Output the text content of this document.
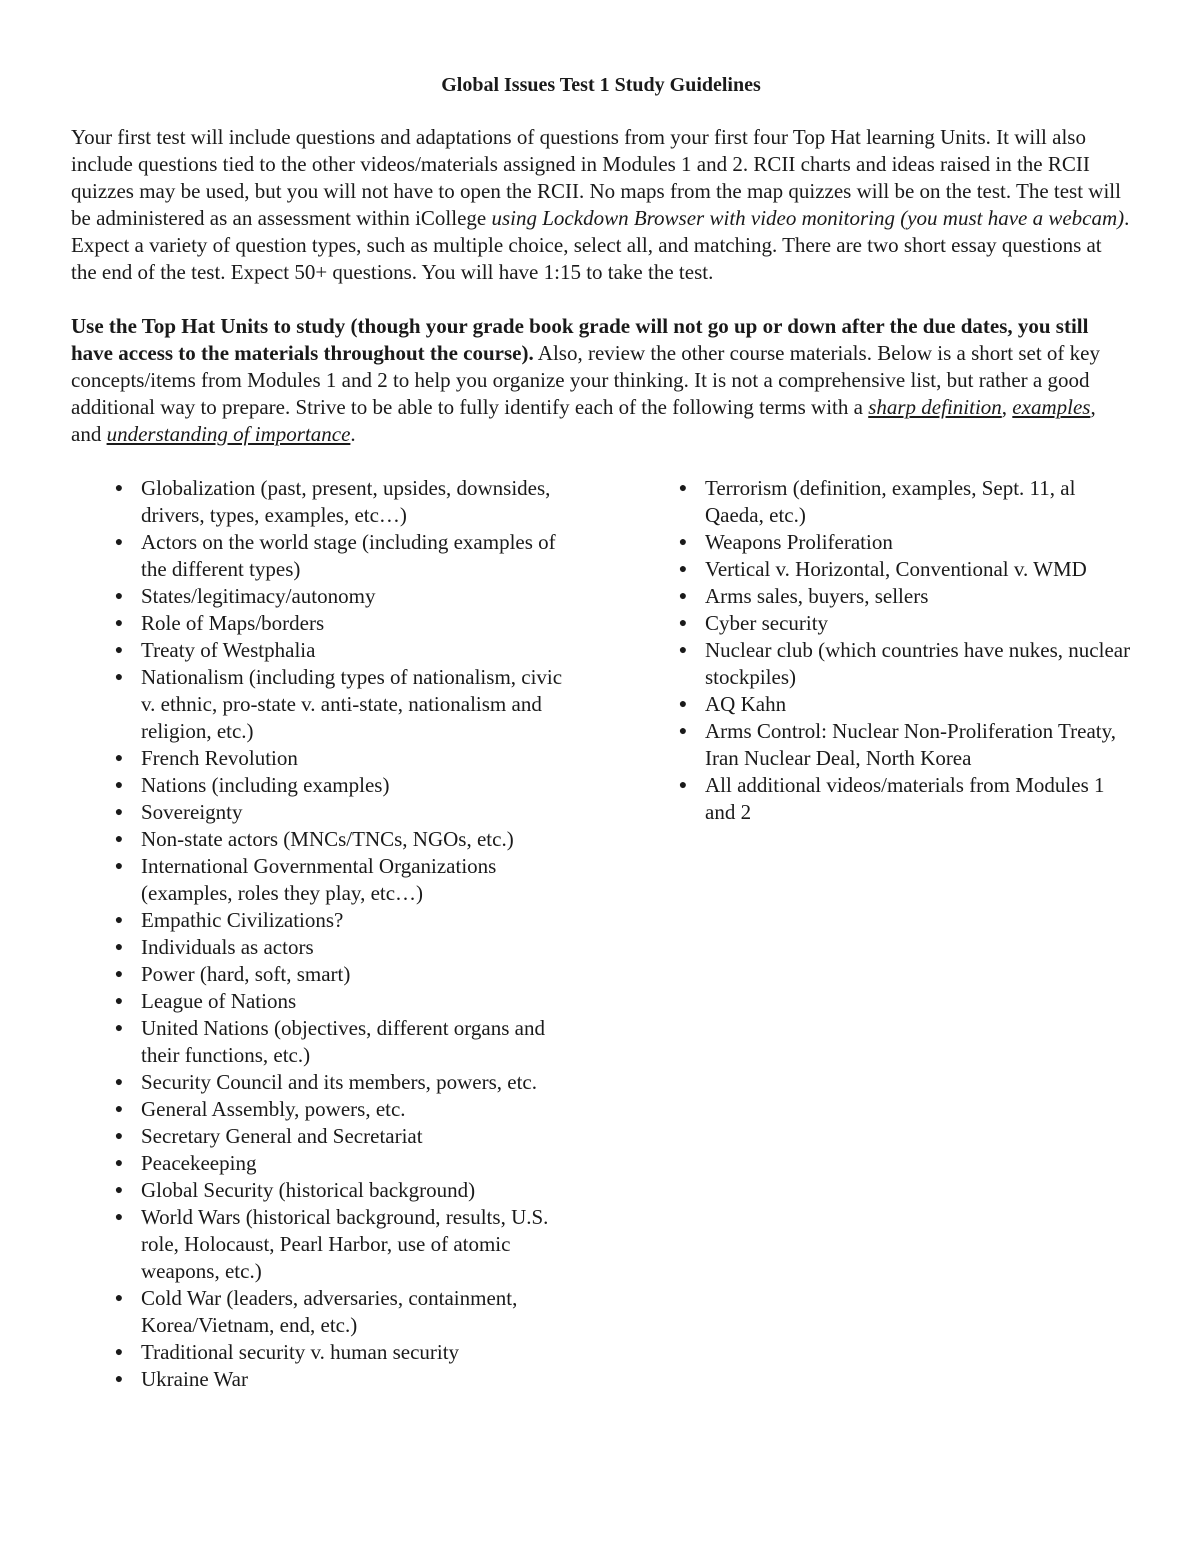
Global Issues Test 1 Study Guidelines

Your first test will include questions and adaptations of questions from your first four Top Hat learning Units. It will also include questions tied to the other videos/materials assigned in Modules 1 and 2. RCII charts and ideas raised in the RCII quizzes may be used, but you will not have to open the RCII. No maps from the map quizzes will be on the test. The test will be administered as an assessment within iCollege using Lockdown Browser with video monitoring (you must have a webcam). Expect a variety of question types, such as multiple choice, select all, and matching. There are two short essay questions at the end of the test. Expect 50+ questions. You will have 1:15 to take the test.

Use the Top Hat Units to study (though your grade book grade will not go up or down after the due dates, you still have access to the materials throughout the course). Also, review the other course materials. Below is a short set of key concepts/items from Modules 1 and 2 to help you organize your thinking. It is not a comprehensive list, but rather a good additional way to prepare. Strive to be able to fully identify each of the following terms with a sharp definition, examples, and understanding of importance.

● Globalization (past, present, upsides, downsides, drivers, types, examples, etc…)
● Actors on the world stage (including examples of the different types)
● States/legitimacy/autonomy
● Role of Maps/borders
● Treaty of Westphalia
● Nationalism (including types of nationalism, civic v. ethnic, pro-state v. anti-state, nationalism and religion, etc.)
● French Revolution
● Nations (including examples)
● Sovereignty
● Non-state actors (MNCs/TNCs, NGOs, etc.)
● International Governmental Organizations (examples, roles they play, etc…)
● Empathic Civilizations?
● Individuals as actors
● Power (hard, soft, smart)
● League of Nations
● United Nations (objectives, different organs and their functions, etc.)
● Security Council and its members, powers, etc.
● General Assembly, powers, etc.
● Secretary General and Secretariat
● Peacekeeping
● Global Security (historical background)
● World Wars (historical background, results, U.S. role, Holocaust, Pearl Harbor, use of atomic weapons, etc.)
● Cold War (leaders, adversaries, containment, Korea/Vietnam, end, etc.)
● Traditional security v. human security
● Ukraine War
● Terrorism (definition, examples, Sept. 11, al Qaeda, etc.)
● Weapons Proliferation
● Vertical v. Horizontal, Conventional v. WMD
● Arms sales, buyers, sellers
● Cyber security
● Nuclear club (which countries have nukes, nuclear stockpiles)
● AQ Kahn
● Arms Control: Nuclear Non-Proliferation Treaty, Iran Nuclear Deal, North Korea
● All additional videos/materials from Modules 1 and 2
